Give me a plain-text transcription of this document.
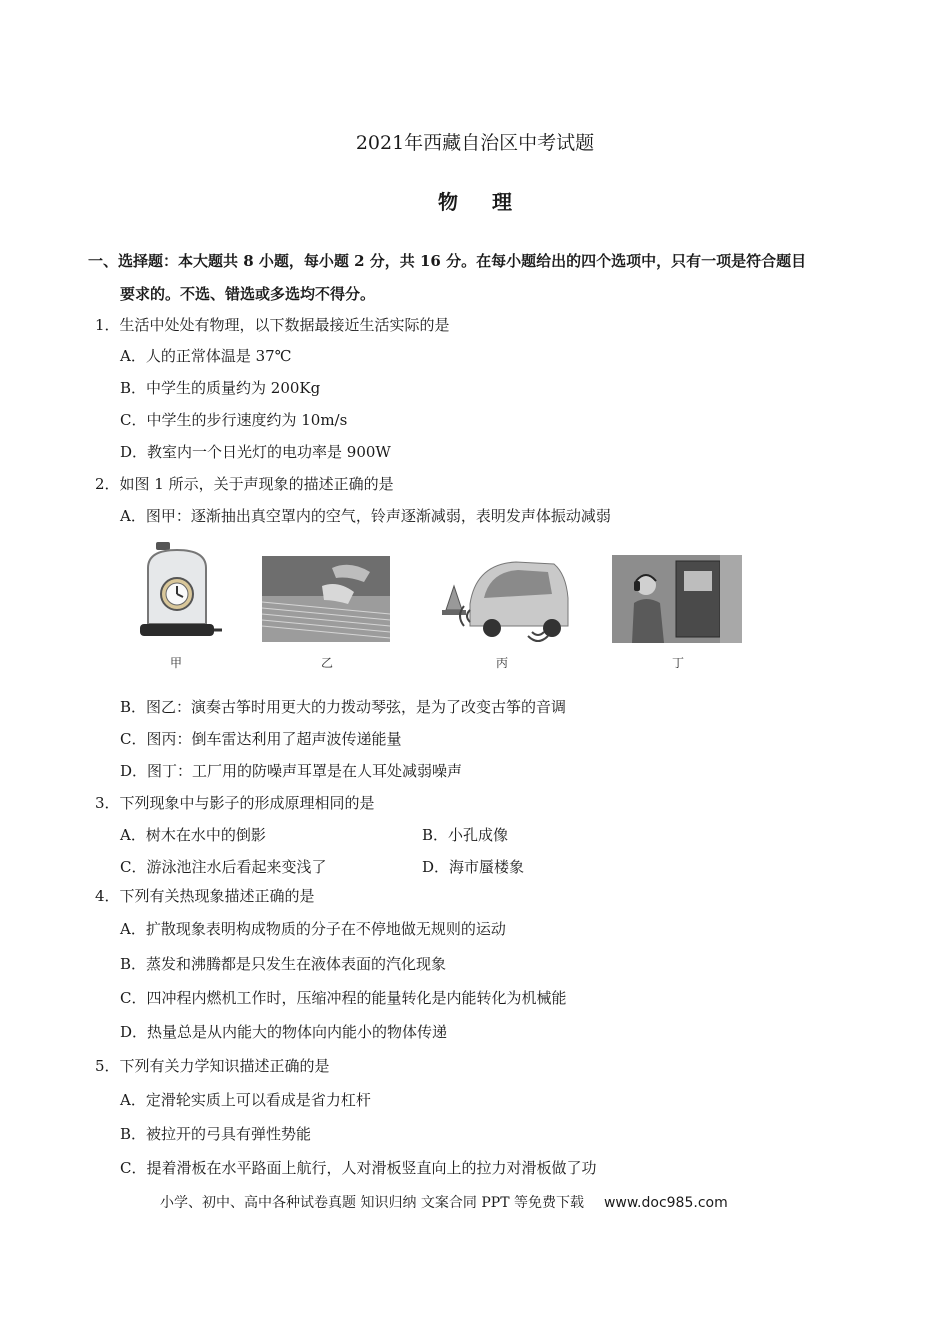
2021年西藏自治区中考试题
物理
一、选择题：本大题共 8 小题，每小题 2 分，共 16 分。在每小题给出的四个选项中，只有一项是符合题目
要求的。不选、错选或多选均不得分。
1．生活中处处有物理，以下数据最接近生活实际的是
A．人的正常体温是 37℃
B．中学生的质量约为 200Kg
C．中学生的步行速度约为 10m/s
D．教室内一个日光灯的电功率是 900W
2．如图 1 所示，关于声现象的描述正确的是
A．图甲：逐渐抽出真空罩内的空气，铃声逐渐减弱，表明发声体振动减弱
甲	乙	丙	丁
B．图乙：演奏古筝时用更大的力拨动琴弦，是为了改变古筝的音调
C．图丙：倒车雷达利用了超声波传递能量
D．图丁：工厂用的防噪声耳罩是在人耳处减弱噪声
3．下列现象中与影子的形成原理相同的是
A．树木在水中的倒影	B．小孔成像
C．游泳池注水后看起来变浅了	D．海市蜃楼象
4．下列有关热现象描述正确的是
A．扩散现象表明构成物质的分子在不停地做无规则的运动
B．蒸发和沸腾都是只发生在液体表面的汽化现象
C．四冲程内燃机工作时，压缩冲程的能量转化是内能转化为机械能
D．热量总是从内能大的物体向内能小的物体传递
5．下列有关力学知识描述正确的是
A．定滑轮实质上可以看成是省力杠杆
B．被拉开的弓具有弹性势能
C．提着滑板在水平路面上航行，人对滑板竖直向上的拉力对滑板做了功
小学、初中、高中各种试卷真题 知识归纳 文案合同 PPT 等免费下载 www.doc985.com
